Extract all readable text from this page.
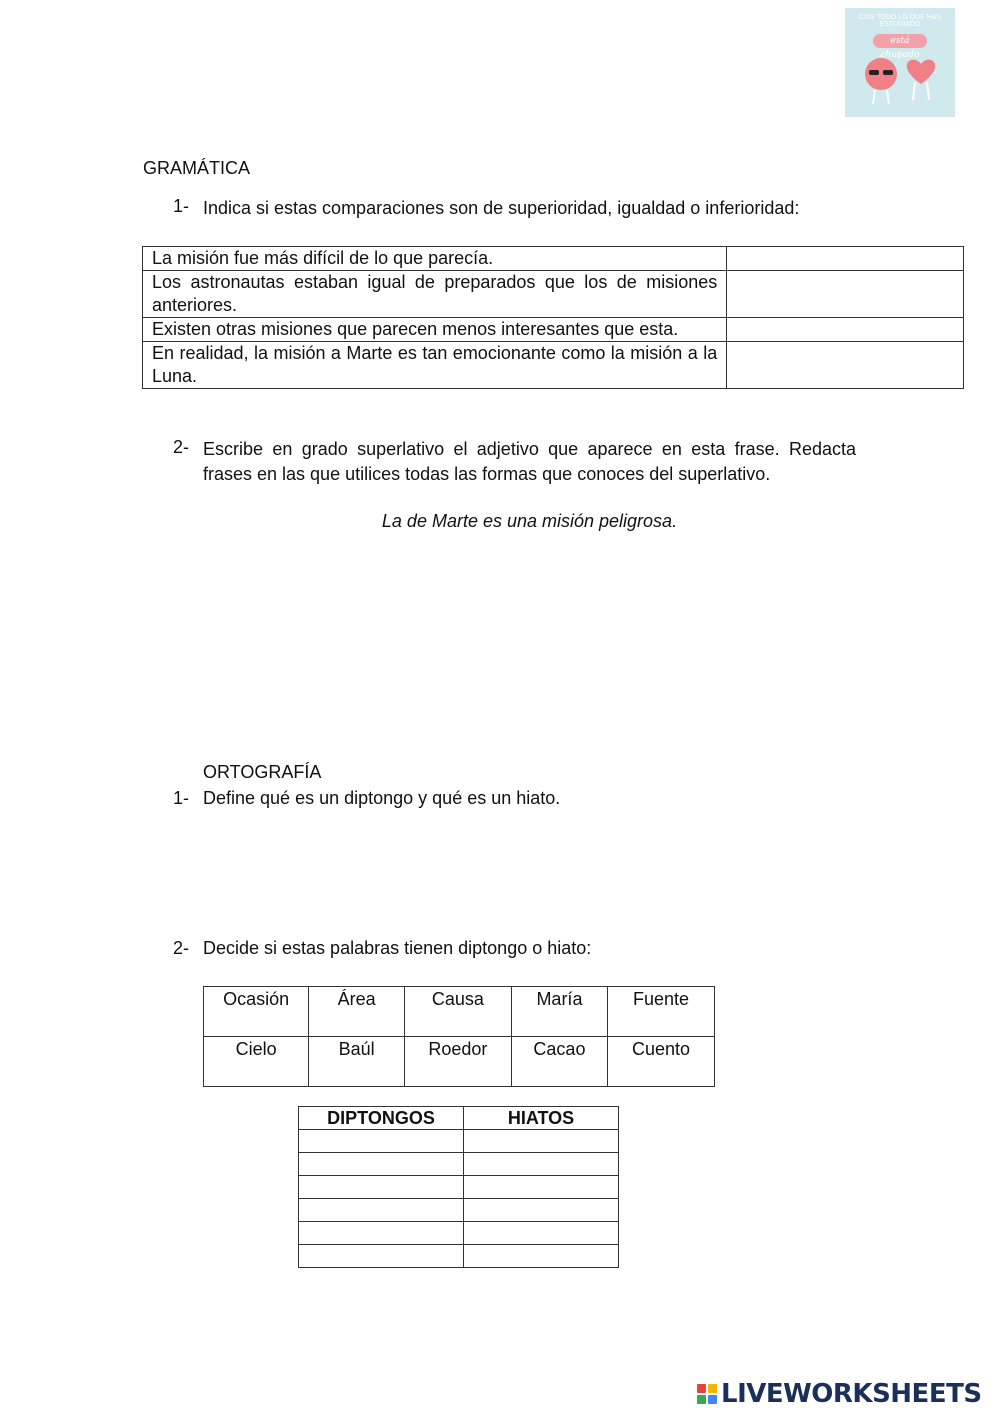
CON TODO LO QUE HAS ESTUDIADO
está chupado
GRAMÁTICA
1- Indica si estas comparaciones son de superioridad, igualdad o inferioridad:
La misión fue más difícil de lo que parecía.	
Los astronautas estaban igual de preparados que los de misiones anteriores.	
Existen otras misiones que parecen menos interesantes que esta.	
En realidad, la misión a Marte es tan emocionante como la misión a la Luna.	
2- Escribe en grado superlativo el adjetivo que aparece en esta frase. Redacta frases en las que utilices todas las formas que conoces del superlativo.
La de Marte es una misión peligrosa.
ORTOGRAFÍA
1- Define qué es un diptongo y qué es un hiato.
2- Decide si estas palabras tienen diptongo o hiato:
Ocasión	Área	Causa	María	Fuente
Cielo	Baúl	Roedor	Cacao	Cuento
DIPTONGOS	HIATOS

LIVEWORKSHEETS
